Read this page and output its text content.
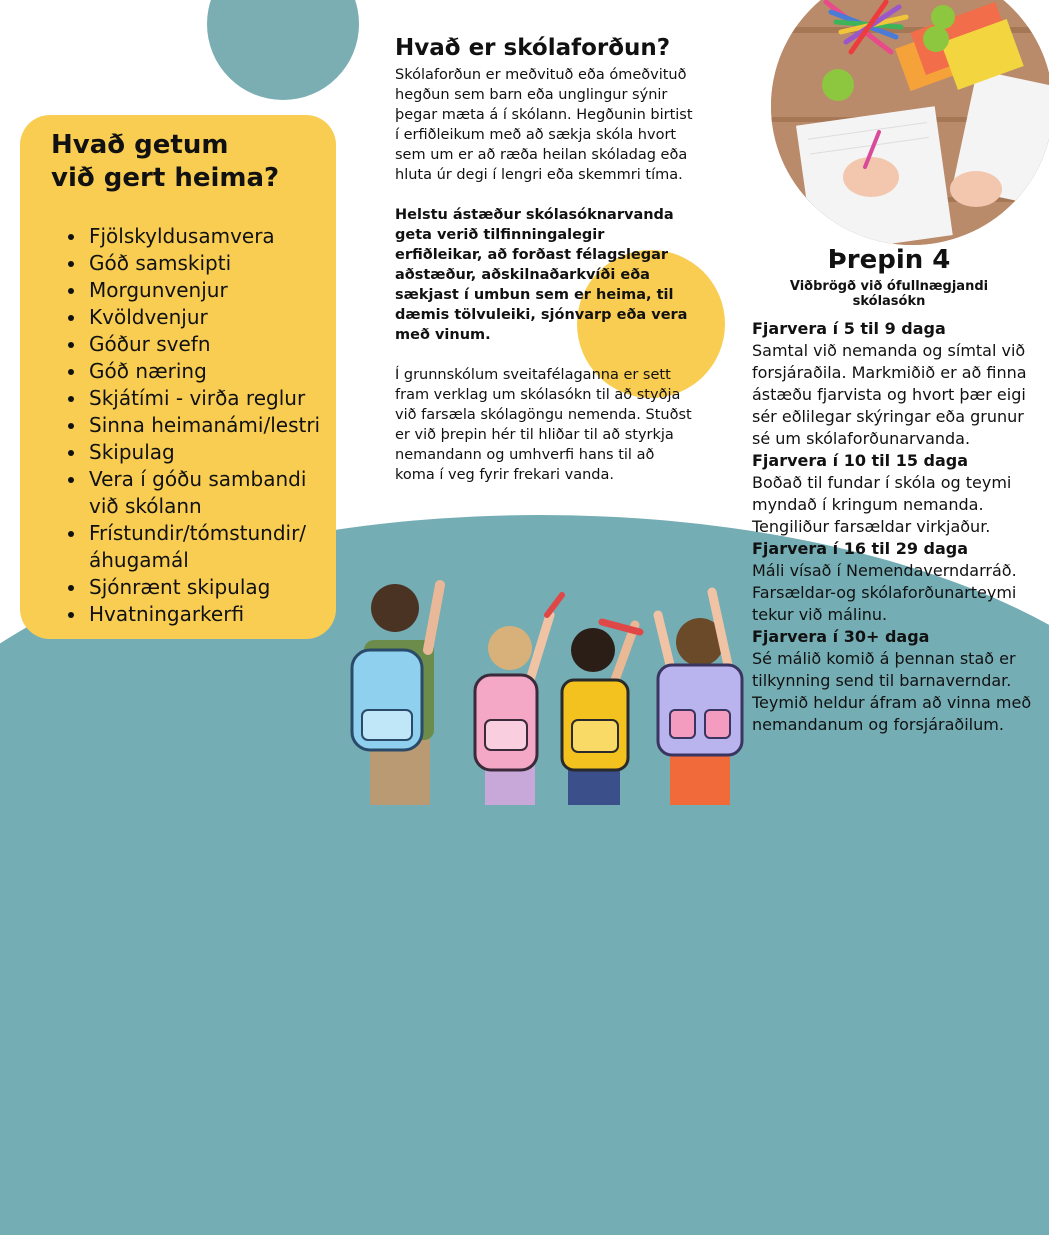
Hvað getum
við gert heima?
• Fjölskyldusamvera
• Góð samskipti
• Morgunvenjur
• Kvöldvenjur
• Góður svefn
• Góð næring
• Skjátími - virða reglur
• Sinna heimanámi/lestri
• Skipulag
• Vera í góðu sambandi við skólann
• Frístundir/tómstundir/ áhugamál
• Sjónrænt skipulag
• Hvatningarkerfi
Hvað er skólaforðun?

Skólaforðun er meðvituð eða ómeðvituð hegðun sem barn eða unglingur sýnir þegar mæta á í skólann. Hegðunin birtist í erfiðleikum með að sækja skóla hvort sem um er að ræða heilan skóladag eða hluta úr degi í lengri eða skemmri tíma.

Helstu ástæður skólasóknarvanda geta verið tilfinningalegir erfiðleikar, að forðast félagslegar aðstæður, aðskilnaðarkvíði eða sækjast í umbun sem er heima, til dæmis tölvuleiki, sjónvarp eða vera með vinum.

Í grunnskólum sveitafélaganna er sett fram verklag um skólasókn til að styðja við farsæla skólagöngu nemenda. Stuðst er við þrepin hér til hliðar til að styrkja nemandann og umhverfi hans til að koma í veg fyrir frekari vanda.

Þrepin 4

Viðbrögð við ófullnægjandi skólasókn

Fjarvera í 5 til 9 daga

Samtal við nemanda og símtal við forsjáraðila. Markmiðið er að finna ástæðu fjarvista og hvort þær eigi sér eðlilegar skýringar eða grunur sé um skólaforðunarvanda.

Fjarvera í 10 til 15 daga

Boðað til fundar í skóla og teymi myndað í kringum nemanda. Tengiliður farsældar virkjaður.

Fjarvera í 16 til 29 daga

Máli vísað í Nemendaverndarráð. Farsældar-og skólaforðunarteymi tekur við málinu.

Fjarvera í 30+ daga

Sé málið komið á þennan stað er tilkynning send til barnaverndar. Teymið heldur áfram að vinna með nemandanum og forsjáraðilum.
